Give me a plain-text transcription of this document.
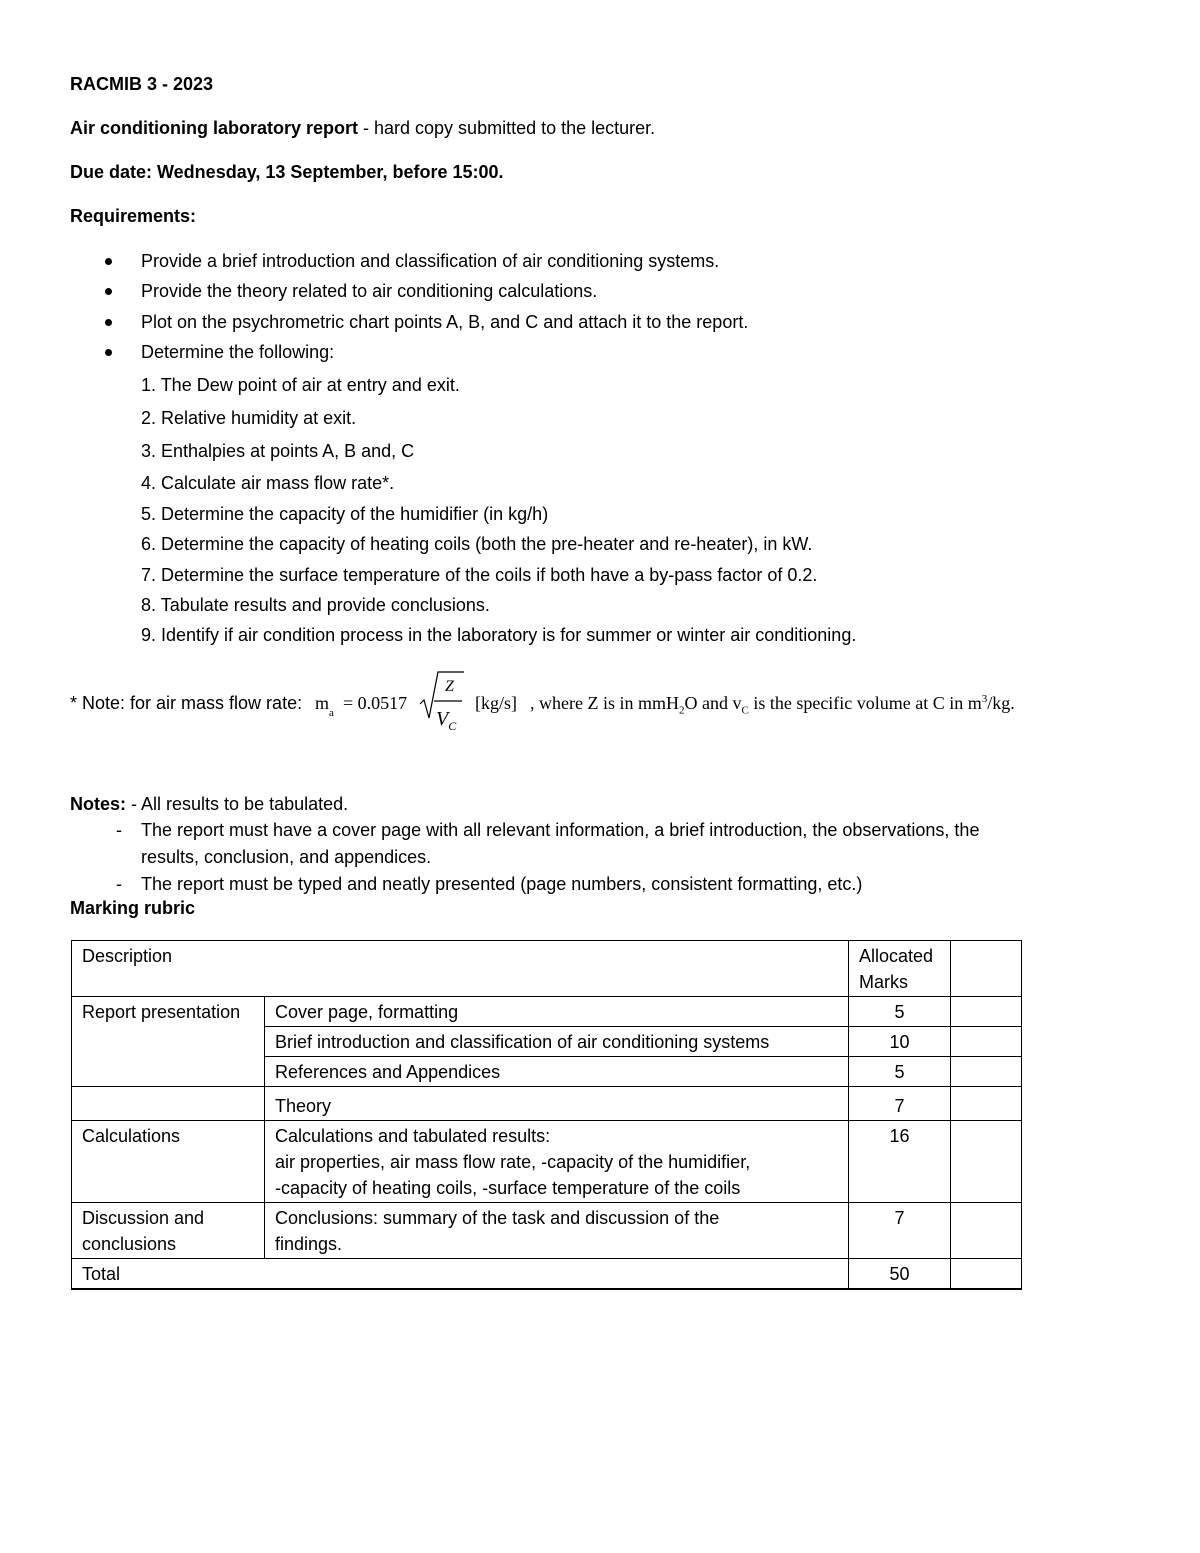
RACMIB 3 - 2023
Air conditioning laboratory report - hard copy submitted to the lecturer.
Due date: Wednesday, 13 September, before 15:00.
Requirements:
Provide a brief introduction and classification of air conditioning systems.
Provide the theory related to air conditioning calculations.
Plot on the psychrometric chart points A, B, and C and attach it to the report.
Determine the following:
1. The Dew point of air at entry and exit.
2. Relative humidity at exit.
3. Enthalpies at points A, B and, C
4. Calculate air mass flow rate*.
5. Determine the capacity of the humidifier (in kg/h)
6. Determine the capacity of heating coils (both the pre-heater and re-heater), in kW.
7. Determine the surface temperature of the coils if both have a by-pass factor of 0.2.
8. Tabulate results and provide conclusions.
9. Identify if air condition process in the laboratory is for summer or winter air conditioning.
* Note: for air mass flow rate: $m_a = 0.0517$
Z
$V_C$
[kg/s] , where Z is in mmH$_2$O and $v_C$ is the specific volume at C in $m^3/kg$.
Notes: - All results to be tabulated.
- The report must have a cover page with all relevant information, a brief introduction, the observations, the
results, conclusion, and appendices.
- The report must be typed and neatly presented (page numbers, consistent formatting, etc.)
Marking rubric
Description		Allocated
Marks	

Report presentation	Cover page, formatting	5	
	Brief introduction and classification of air conditioning systems	10	
	References and Appendices	5	
	Theory	7	
Calculations	Calculations and tabulated results:
air properties, air mass flow rate, -capacity of the humidifier,
-capacity of heating coils, -surface temperature of the coils	16	
Discussion and conclusions	Conclusions: summary of the task and discussion of the findings.	7	
Total		50	
